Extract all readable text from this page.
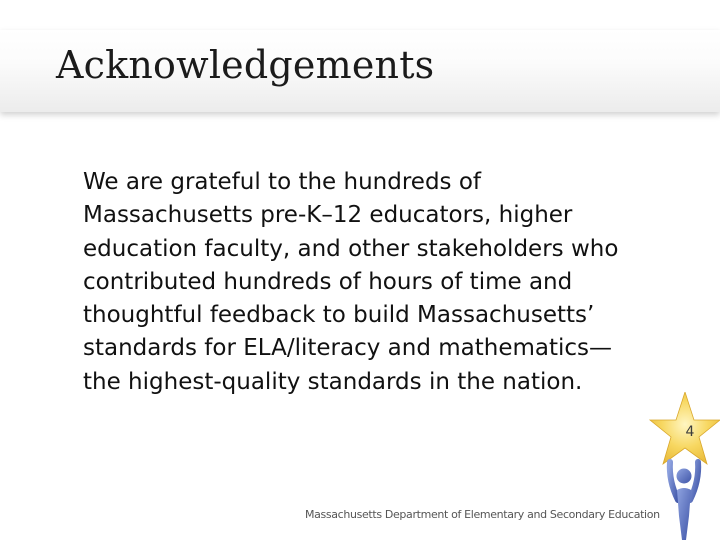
Acknowledgements
We are grateful to the hundreds of
Massachusetts pre-K–12 educators, higher
education faculty, and other stakeholders who
contributed hundreds of hours of time and
thoughtful feedback to build Massachusetts’
standards for ELA/literacy and mathematics—
the highest-quality standards in the nation.
4
Massachusetts Department of Elementary and Secondary Education
